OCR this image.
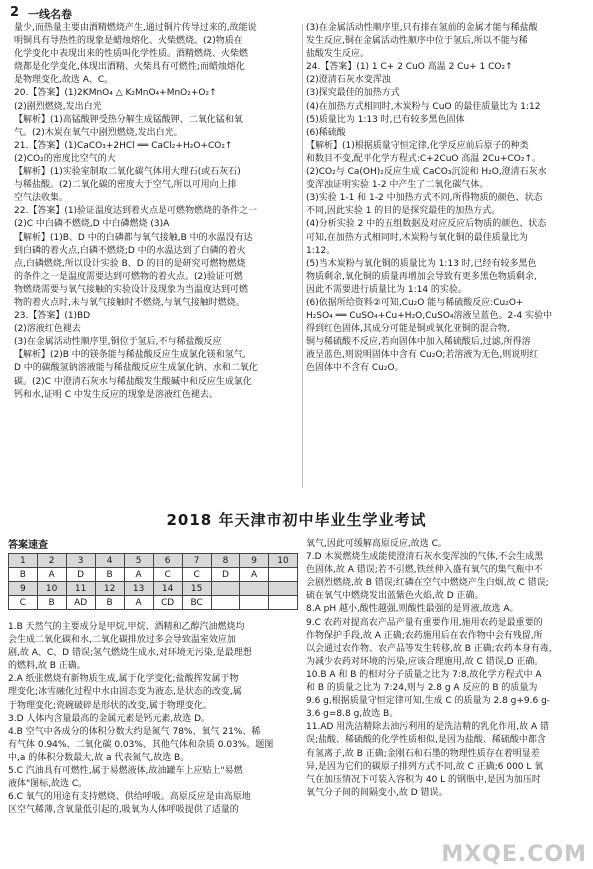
2 一线名卷

量少,而热量主要由酒精燃烧产生,通过铜片传导过来的,故能说

明铜具有导热性的现象是蜡烛熔化、火柴燃烧。(2)物质在

化学变化中表现出来的性质叫化学性质。酒精燃烧、火柴燃

烧都是化学变化,体现出酒精、火柴具有可燃性;而蜡烛熔化

是物理变化,故选 A、C。

20.【答案】(1)2KMnO₄ △ K₂MnO₄+MnO₂+O₂↑

(2)剧烈燃烧,发出白光

【解析】(1)高锰酸钾受热分解生成锰酸钾、二氧化锰和氧

气。(2)木炭在氧气中剧烈燃烧,发出白光。

21.【答案】(1)CaCO₃+2HCl ══ CaCl₂+H₂O+CO₂↑

(2)CO₂的密度比空气的大

【解析】(1)实验室制取二氧化碳气体用大理石(或石灰石)

与稀盐酸。(2)二氧化碳的密度大于空气,所以可用向上排

空气法收集。

22.【答案】(1)验证温度达到着火点是可燃物燃烧的条件之一

(2)C 中白磷不燃烧,D 中白磷燃烧 (3)A

【解析】(1)B、D 中的白磷都与氧气接触,B 中的水温没有达

到白磷的着火点,白磷不燃烧;D 中的水温达到了白磷的着火

点,白磷燃烧,所以设计实验 B、D 的目的是研究可燃物燃烧

的条件之一是温度需要达到可燃物的着火点。(2)验证可燃

物燃烧需要与氧气接触的实验设计及现象为当温度达到可燃

物的着火点时,未与氧气接触时不燃烧,与氧气接触时燃烧。

23.【答案】(1)BD

(2)溶液红色褪去

(3)在金属活动性顺序里,铜位于氢后,不与稀盐酸反应

【解析】(2)B 中的镁条能与稀盐酸反应生成氯化镁和氢气,

D 中的碳酸氢钠溶液能与稀盐酸反应生成氯化钠、水和二氧化

碳。(2)C 中澄清石灰水与稀盐酸发生酸碱中和反应生成氯化

钙和水,证明 C 中发生反应的现象是溶液红色褪去。

(3)在金属活动性顺序里,只有排在氢前的金属才能与稀盐酸

发生反应,铜在金属活动性顺序中位于氢后,所以不能与稀

盐酸发生反应。

24.【答案】(1) 1 C+ 2 CuO 高温 2 Cu+ 1 CO₂↑

(2)澄清石灰水变浑浊

(3)探究最佳的加热方式

(4)在加热方式相同时,木炭粉与 CuO 的最佳质量比为 1:12

(5)质量比为 1:13 时,已有较多黑色固体

(6)稀硫酸

【解析】(1)根据质量守恒定律,化学反应前后原子的种类

和数目不变,配平化学方程式:C+2CuO 高温 2Cu+CO₂↑。

(2)CO₂与 Ca(OH)₂反应生成 CaCO₃沉淀和 H₂O,澄清石灰水

变浑浊证明实验 1-2 中产生了二氧化碳气体。

(3)实验 1-1 和 1-2 中加热方式不同,所得物质的颜色、状态

不同,因此实验 1 的目的是探究最佳的加热方式。

(4)分析实验 2 中的五组数据及对应反应后物质的颜色、状态

可知,在加热方式相同时,木炭粉与氧化铜的最佳质量比为

1:12。

(5)当木炭粉与氧化铜的质量比为 1:13 时,已经有较多黑色

物质剩余,氧化铜的质量再增加会导致有更多黑色物质剩余,

因此不需要进行质量比为 1:14 的实验。

(6)依据所给资料②可知,Cu₂O 能与稀硫酸反应:Cu₂O+

H₂SO₄ ══ CuSO₄+Cu+H₂O,CuSO₄溶液呈蓝色。2-4 实验中

得到红色固体,其成分可能是铜或氧化亚铜的混合物,

铜与稀硫酸不反应,若向固体中加入稀硫酸后,过滤,所得溶

液呈蓝色,则说明固体中含有 Cu₂O;若溶液为无色,则说明红

色固体中不含有 Cu₂O。

2018 年天津市初中毕业生学业考试
答案速查
1	2	3	4	5	6	7	8	9	10
B	A	D	B	A	C	C	D	A	
9	10	11	12	13	14	15			
C	B	AD	B	A	CD	BC			

1.B 天然气的主要成分是甲烷,甲烷、酒精和乙醇汽油燃烧均

会生成二氧化碳和水,二氧化碳排放过多会导致温室效应加

剧,故 A、C、D 错误;氢气燃烧生成水,对环境无污染,是最理想

的燃料,故 B 正确。

2.A 纸张燃烧有新物质生成,属于化学变化;盐酸挥发属于物

理变化;冰雪融化过程中水由固态变为液态,是状态的改变,属

于物理变化;瓷碗破碎是形状的改变,属于物理变化。

3.D 人体内含量最高的金属元素是钙元素,故选 D。

4.B 空气中各成分的体积分数大约是氮气 78%、氧气 21%、稀

有气体 0.94%、二氧化碳 0.03%、其他气体和杂质 0.03%。题图

中,a 的体积分数最大,故 a 代表氮气,故选 B。

5.C 汽油具有可燃性,属于易燃液体,故油罐车上应贴上"易燃

液体"图标,故选 C。

6.C 氧气的用途有支持燃烧、供给呼吸。高原反应是由高原地

区空气稀薄,含氧量低引起的,吸氧为人体呼吸提供了适量的

氧气,因此可缓解高原反应,故选 C。

7.D 木炭燃烧生成能使澄清石灰水变浑浊的气体,不会生成黑

色固体,故 A 错误;若不引燃,铁丝伸入盛有氧气的集气瓶中不

会剧烈燃烧,故 B 错误;红磷在空气中燃烧产生白烟,故 C 错误;

硫在氧气中燃烧发出蓝紫色火焰,故 D 正确。

8.A pH 越小,酸性越强,则酸性最强的是胃液,故选 A。

9.C 农药对提高农产品产量有重要作用,施用农药是最重要的

作物保护手段,故 A 正确;农药施用后在农作物中会有残留,所

以会通过农作物、农产品等发生转移,故 B 正确;农药本身有毒,

为减少农药对环境的污染,应该合理施用,故 C 错误,D 正确。

10.B A 和 B 的相对分子质量之比为 7:8,故化学方程式中 A

和 B 的质量之比为 7:24,则与 2.8 g A 反应的 B 的质量为

9.6 g,根据质量守恒定律可知,生成 C 的质量为 2.8 g+9.6 g-

3.6 g=8.8 g,故选 B。

11.AD 用洗洁精除去油污利用的是洗洁精的乳化作用,故 A 错

误;盐酸、稀硫酸的化学性质相似,是因为盐酸、稀硫酸中都含

有氢离子,故 B 正确;金刚石和石墨的物理性质存在着明显差

异,是因为它们的碳原子排列方式不同,故 C 正确;6 000 L 氧

气在加压情况下可装入容积为 40 L 的钢瓶中,是因为加压时

氧气分子间的间隔变小,故 D 错误。

MXQE.COM
